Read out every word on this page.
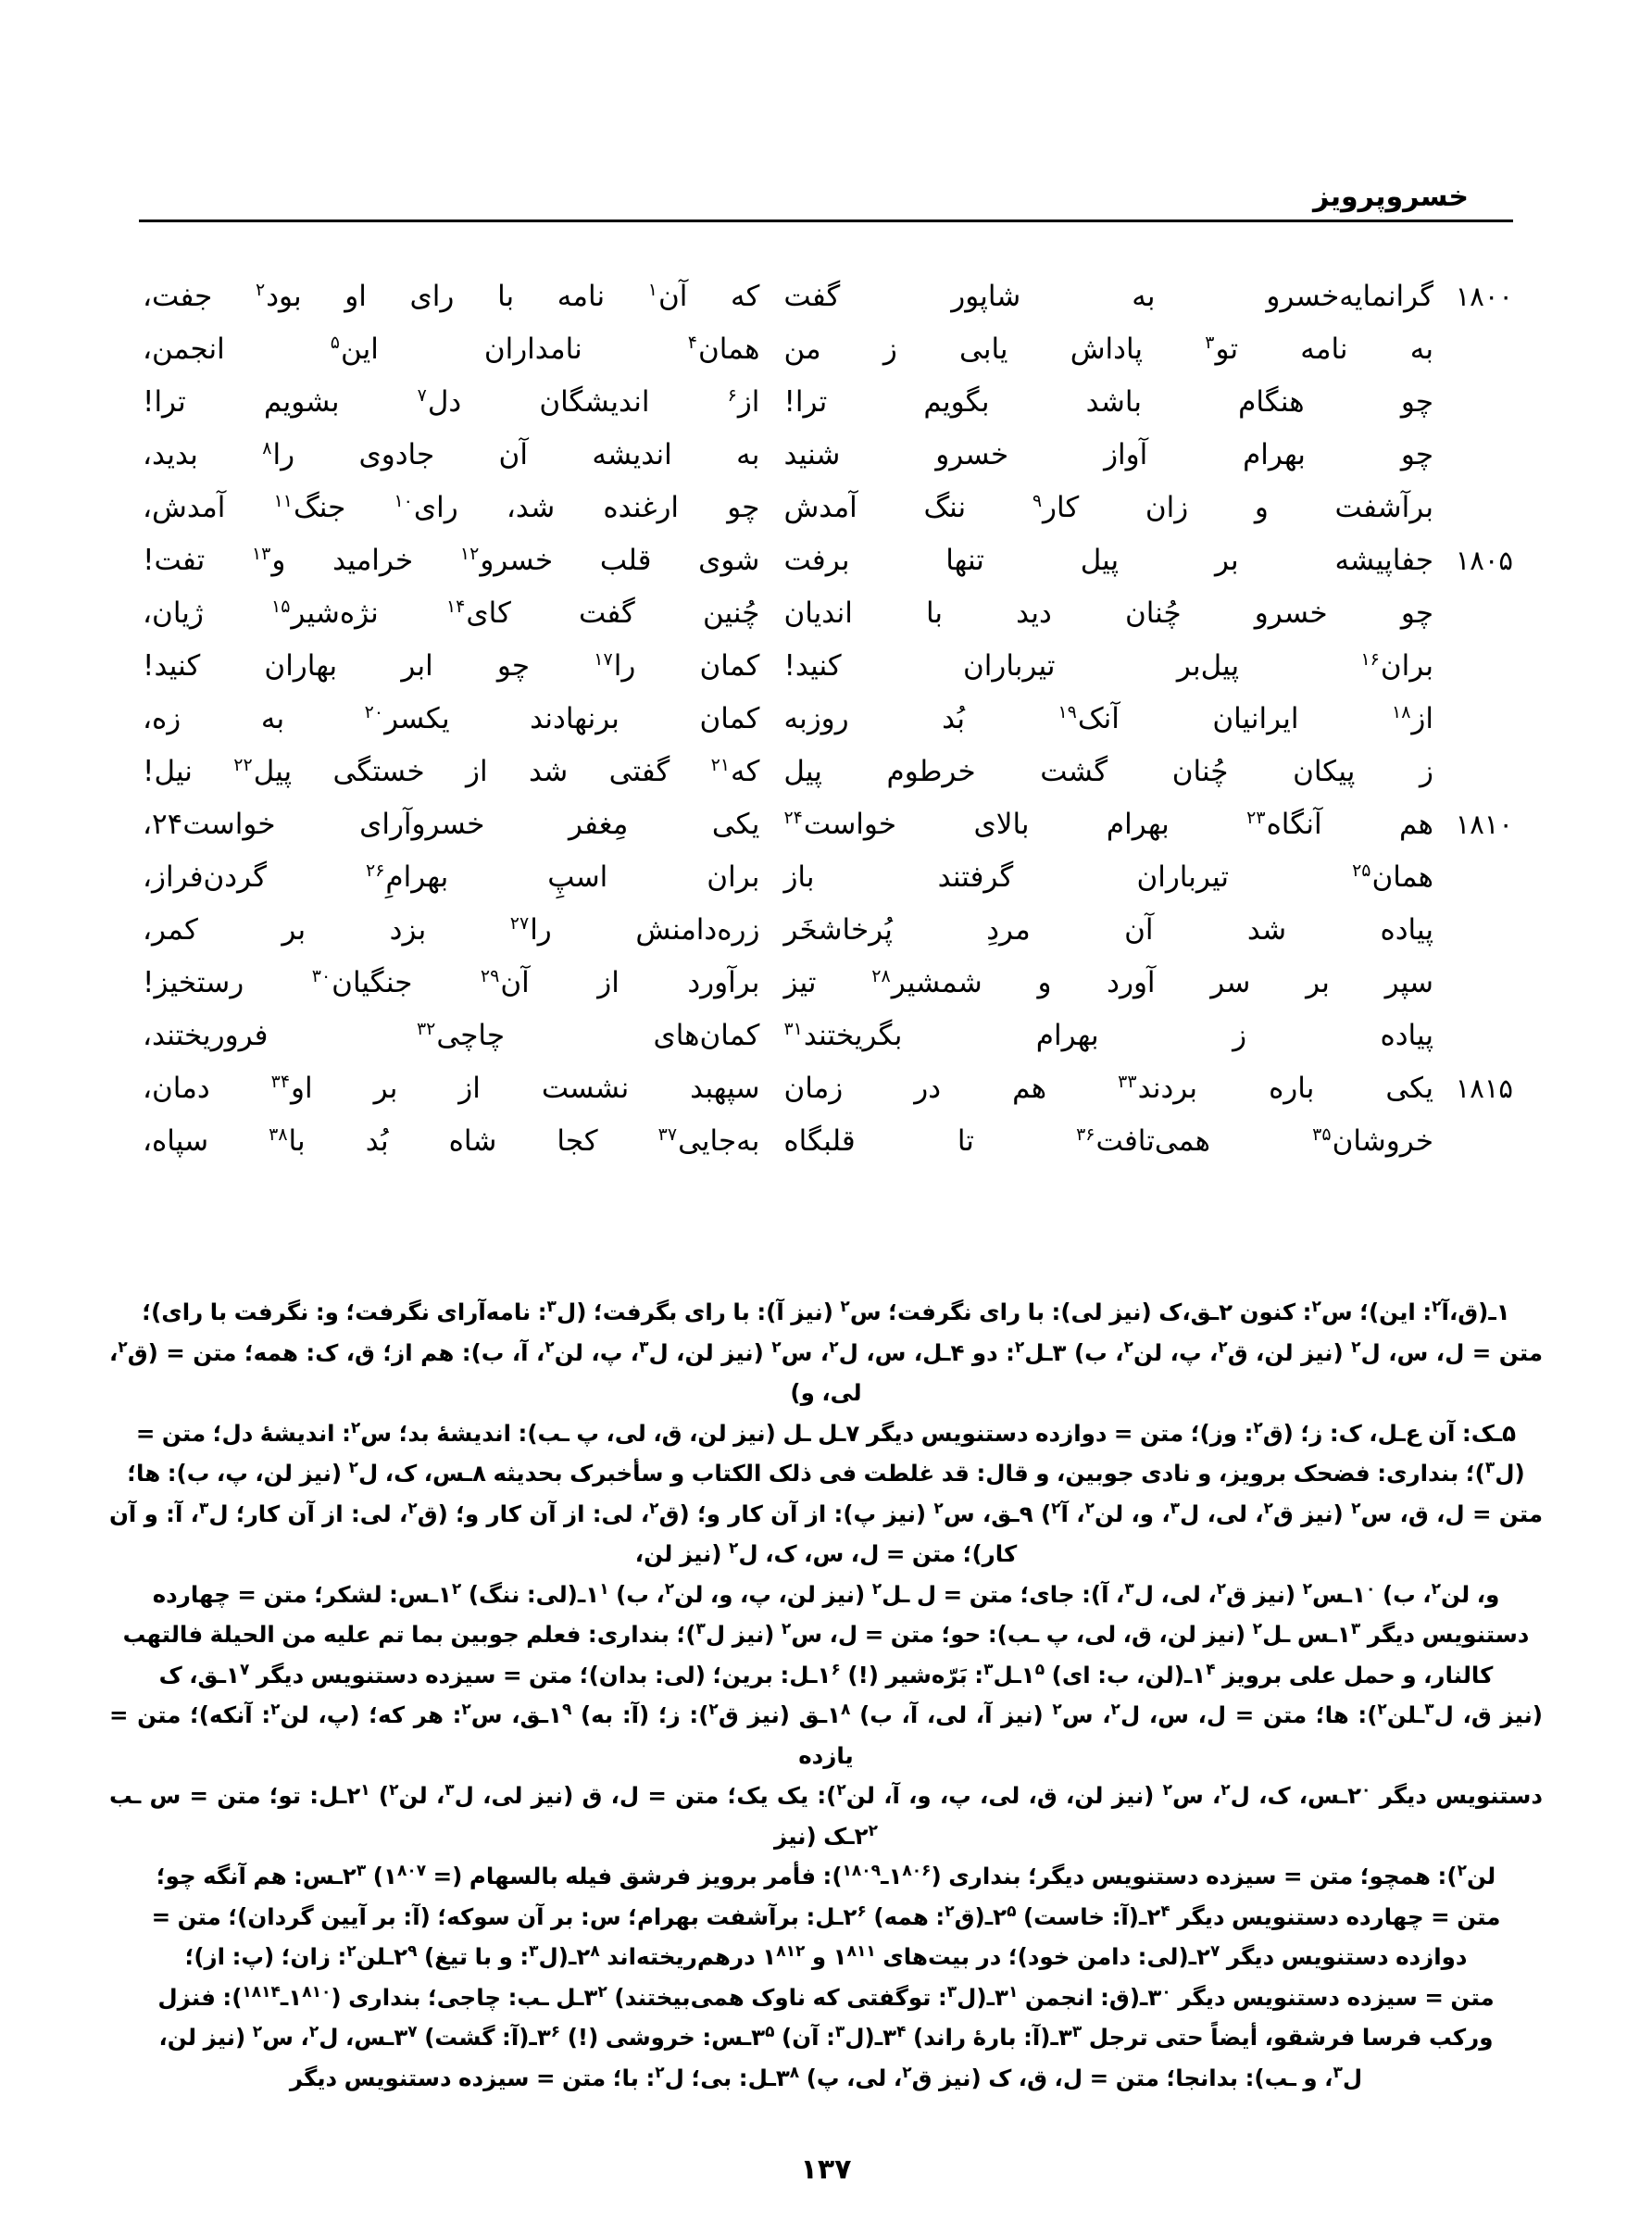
خسروپرویز
۱۸۰۰
گرانمایه‌خسرو
به
شاپور
گفت
که
آن$^۱$
نامه
با
رای
او
بود$^۲$
جفت،
به
نامه
تو$^۳$
پاداش
یابی
ز
من
همان$^۴$
نامداران
این$^۵$
انجمن،
چو
هنگام
باشد
بگویم
ترا!
از$^۶$
اندیشگان
دل$^۷$
بشویم
ترا!
چو
بهرام
آواز
خسرو
شنید
به
اندیشه
آن
جادوی
را$^۸$
بدید،
برآشفت
و
زان
کار$^۹$
ننگ
آمدش
چو
ارغنده
شد،
رای$^{۱۰}$
جنگ$^{۱۱}$
آمدش،
۱۸۰۵
جفاپیشه
بر
پیل
تنها
برفت
شوی
قلب
خسرو$^{۱۲}$
خرامید
و$^{۱۳}$
تفت!
چو
خسرو
چُنان
دید
با
اندیان
چُنین
گفت
کای$^{۱۴}$
نژه‌شیر$^{۱۵}$
ژیان،
بران$^{۱۶}$
پیل‌بر
تیرباران
کنید!
کمان
را$^{۱۷}$
چو
ابر
بهاران
کنید!
از$^{۱۸}$
ایرانیان
آنک$^{۱۹}$
بُد
روزبه
کمان
برنهادند
یکسر$^{۲۰}$
به
زه،
ز
پیکان
چُنان
گشت
خرطوم
پیل
که$^{۲۱}$
گفتی
شد
از
خستگی
پیل$^{۲۲}$
نیل!
۱۸۱۰
هم
آنگاه$^{۲۳}$
بهرام
بالای
خواست$^{۲۴}$
یکی
مِغفر
خسروآرای
خواست۲۴،
همان$^{۲۵}$
تیرباران
گرفتند
باز
بران
اسپِ
بهرامِ$^{۲۶}$
گردن‌فراز،
پیاده
شد
آن
مردِ
پُرخاشخَر
زره‌دامنش
را$^{۲۷}$
بزد
بر
کمر،
سپر
بر
سر
آورد
و
شمشیر$^{۲۸}$
تیز
برآورد
از
آن$^{۲۹}$
جنگیان$^{۳۰}$
رستخیز!
پیاده
ز
بهرام
بگریختند$^{۳۱}$
کمان‌های
چاچی$^{۳۲}$
فروریختند،
۱۸۱۵
یکی
باره
بردند$^{۳۳}$
هم
در
زمان
سپهبد
نشست
از
بر
او$^{۳۴}$
دمان،
خروشان$^{۳۵}$
همی‌تافت$^{۳۶}$
تا
قلبگاه
به‌جایی$^{۳۷}$
کجا
شاه
بُد
با$^{۳۸}$
سپاه،

۱ـ(ق،آ$^۲$: این)؛ س$^۲$: کنون ۲ـق،ک (نیز لی): با رای نگرفت؛ س$^۲$ (نیز آ): با رای بگرفت؛ (ل$^۳$: نامه‌آرای نگرفت؛ و: نگرفت با رای)؛

متن = ل، س، ل$^۲$ (نیز لن، ق$^۲$، پ، لن$^۲$، ب) ۳ـل$^۲$: دو ۴ـل، س، ل$^۲$، س$^۲$ (نیز لن، ل$^۳$، پ، لن$^۲$، آ، ب): هم از؛ ق، ک: همه؛ متن = (ق$^۲$، لی، و)

۵ـک: آن ع‌ـل، ک: ز؛ (ق$^۲$: وز)؛ متن = دوازده دستنویس دیگر ۷ـل ـل (نیز لن، ق، لی، پ ـب): اندیشهٔ بد؛ س$^۲$: اندیشهٔ دل؛ متن =

(ل$^۳$)؛ بنداری: فضحک برویز، و نادی جوبین، و قال: قد غلطت فی ذلک الکتاب و سأخبرک بحدیثه ۸ـس، ک، ل$^۲$ (نیز لن، پ، ب): ها؛

متن = ل، ق، س$^۲$ (نیز ق$^۲$، لی، ل$^۳$، و، لن$^۲$، آ$^۲$) ۹ـق، س$^۲$ (نیز پ): از آن کار و؛ (ق$^۲$، لی: از آن کار و؛ (ق$^۲$، لی: از آن کار؛ ل$^۳$، آ: و آن کار)؛ متن = ل، س، ک، ل$^۲$ (نیز لن،

و، لن$^۲$، ب) $۱^۰ـس^۲$ (نیز ق$^۲$، لی، ل$^۳$، آ): جای؛ متن = ل ـل$^۲$ (نیز لن، پ، و، لن$^۲$، ب) $۱^۱ـ(لی$: ننگ) $۱^۲ـس$: لشکر؛ متن = چهارده

دستنویس دیگر $۱^۳ـس$ ـل$^۲$ (نیز لن، ق، لی، پ ـب): حو؛ متن = ل، س$^۲$ (نیز ل$^۳$)؛ بنداری: فعلم جوبین بما تم علیه من الحیلة فالتهب

کالنار، و حمل علی برویز $۱^۴ـ(لن،$ ب: ای) $۱^۵ـل^۳$: بَرّه‌شیر (!) $۱^۶ـل$: برین؛ (لی: بدان)؛ متن = سیزده دستنویس دیگر $۱^۷ـق،$ ک

(نیز ق، ل$^۳$ـلن$^۲$): ها؛ متن = ل، س، ل$^۲$، س$^۲$ (نیز آ، لی، آ، ب) $۱^۸ـق$ (نیز ق$^۲$): ز؛ (آ: به) $۱^۹ـق،$ س$^۲$: هر که؛ (پ، لن$^۲$: آنکه)؛ متن = یازده

دستنویس دیگر $۲^۰ـس،$ ک، ل$^۲$، س$^۲$ (نیز لن، ق، لی، پ، و، آ، لن$^۲$): یک یک؛ متن = ل، ق (نیز لی، ل$^۳$، لن$^۲$) $۲^۱ـل$: تو؛ متن = س ـب $۲^۲ـک$ (نیز

لن$^۲$): همچو؛ متن = سیزده دستنویس دیگر؛ بنداری $(۱^{۸۰۶}ـ^{۱۸۰۹})$: فأمر برویز فرشق فیله بالسهام (= $۱^{۸۰۷}$) $۲^۳ـس$: هم آنگه چو؛

متن = چهارده دستنویس دیگر $۲^۴ـ(آ$: خاست) $۲^۵ـ(ق^۲$: همه) $۲^۶ـل$: برآشفت بهرام؛ س: بر آن سوکه؛ (آ: بر آیین گردان)؛ متن =

دوازده دستنویس دیگر $۲^۷ـ(لی$: دامن خود)؛ در بیت‌های $۱^{۸۱۱}$ و $۱^{۸۱۲}$ درهم‌ریخته‌اند $۲^۸ـ(ل^۳$: و با تیغ) $۲^۹ـلن^۲$: زان؛ (پ: از)؛

متن = سیزده دستنویس دیگر $۳^۰ـ(ق$: انجمن $۳^۱ـ(ل^۳$: توگفتی که ناوک همی‌بیختند) $۳^۲ـل$ ـب: چاجی؛ بنداری $(۱^{۸۱۰}ـ^{۱۸۱۴})$: فنزل

ورکب فرسا فرشقو، أیضاً حتی ترجل $۳^۳ـ(آ$: بارهٔ راند) $۳^۴ـ(ل^۳$: آن) $۳^۵ـس$: خروشی (!) $۳^۶ـ(آ$: گشت) $۳^۷ـس،$ ل$^۲$، س$^۲$ (نیز لن،

ل$^۳$، و ـب): بدانجا؛ متن = ل، ق، ک (نیز ق$^۲$، لی، پ) $۳^۸ـل$: بی؛ ل$^۲$: با؛ متن = سیزده دستنویس دیگر

۱۳۷
